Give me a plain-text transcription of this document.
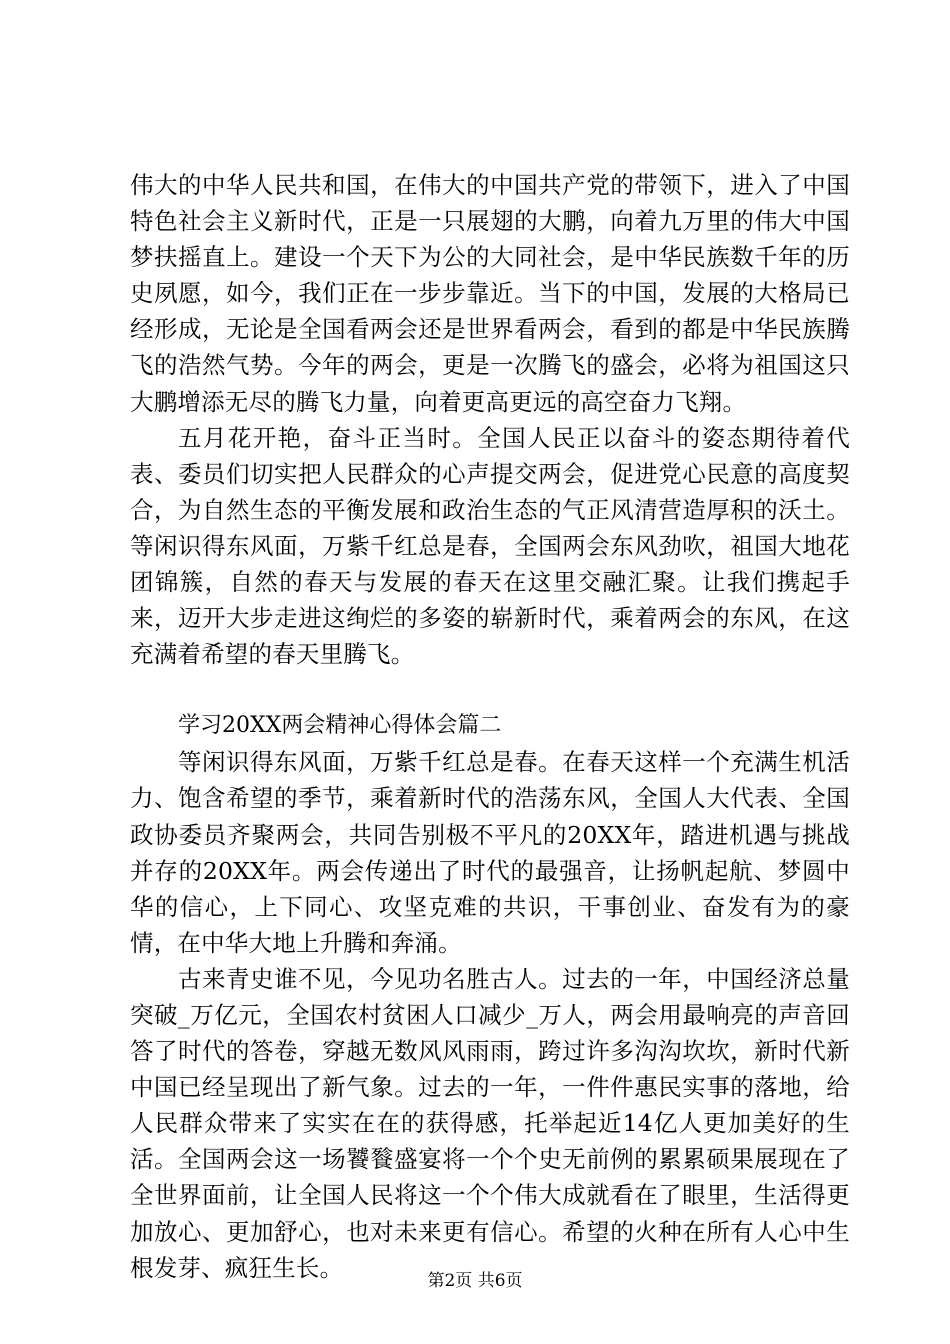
伟大的中华人民共和国，在伟大的中国共产党的带领下，进入了中国特色社会主义新时代，正是一只展翅的大鹏，向着九万里的伟大中国梦扶摇直上。建设一个天下为公的大同社会，是中华民族数千年的历史夙愿，如今，我们正在一步步靠近。当下的中国，发展的大格局已经形成，无论是全国看两会还是世界看两会，看到的都是中华民族腾飞的浩然气势。今年的两会，更是一次腾飞的盛会，必将为祖国这只大鹏增添无尽的腾飞力量，向着更高更远的高空奋力飞翔。

五月花开艳，奋斗正当时。全国人民正以奋斗的姿态期待着代表、委员们切实把人民群众的心声提交两会，促进党心民意的高度契合，为自然生态的平衡发展和政治生态的气正风清营造厚积的沃土。等闲识得东风面，万紫千红总是春，全国两会东风劲吹，祖国大地花团锦簇，自然的春天与发展的春天在这里交融汇聚。让我们携起手来，迈开大步走进这绚烂的多姿的崭新时代，乘着两会的东风，在这充满着希望的春天里腾飞。

学习20XX两会精神心得体会篇二

等闲识得东风面，万紫千红总是春。在春天这样一个充满生机活力、饱含希望的季节，乘着新时代的浩荡东风，全国人大代表、全国政协委员齐聚两会，共同告别极不平凡的20XX年，踏进机遇与挑战并存的20XX年。两会传递出了时代的最强音，让扬帆起航、梦圆中华的信心，上下同心、攻坚克难的共识，干事创业、奋发有为的豪情，在中华大地上升腾和奔涌。

古来青史谁不见，今见功名胜古人。过去的一年，中国经济总量突破_万亿元，全国农村贫困人口减少_万人，两会用最响亮的声音回答了时代的答卷，穿越无数风风雨雨，跨过许多沟沟坎坎，新时代新中国已经呈现出了新气象。过去的一年，一件件惠民实事的落地，给人民群众带来了实实在在的获得感，托举起近14亿人更加美好的生活。全国两会这一场饕餮盛宴将一个个史无前例的累累硕果展现在了全世界面前，让全国人民将这一个个伟大成就看在了眼里，生活得更加放心、更加舒心，也对未来更有信心。希望的火种在所有人心中生根发芽、疯狂生长。	第2页 共6页
